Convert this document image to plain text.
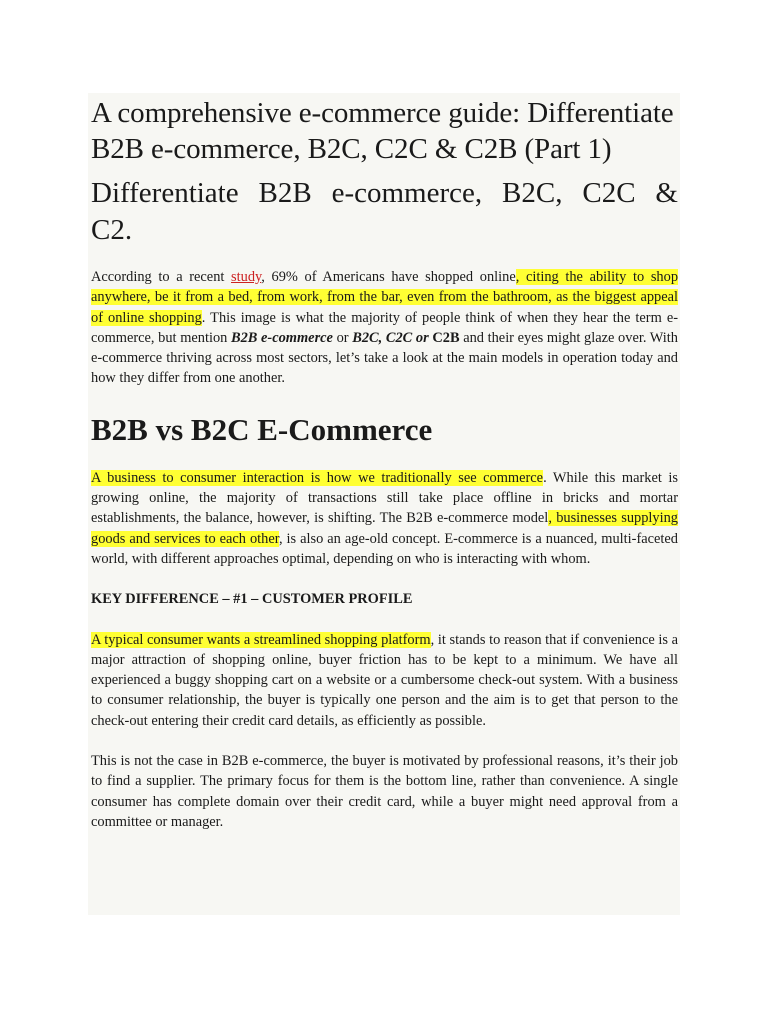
A comprehensive e-commerce guide: Differentiate B2B e-commerce, B2C, C2C & C2B (Part 1)
Differentiate B2B e-commerce, B2C, C2C & C2.

According to a recent study, 69% of Americans have shopped online, citing the ability to shop anywhere, be it from a bed, from work, from the bar, even from the bathroom, as the biggest appeal of online shopping. This image is what the majority of people think of when they hear the term e-commerce, but mention B2B e-commerce or B2C, C2C or C2B and their eyes might glaze over. With e-commerce thriving across most sectors, let’s take a look at the main models in operation today and how they differ from one another.

B2B vs B2C E-Commerce

A business to consumer interaction is how we traditionally see commerce. While this market is growing online, the majority of transactions still take place offline in bricks and mortar establishments, the balance, however, is shifting. The B2B e-commerce model, businesses supplying goods and services to each other, is also an age-old concept. E-commerce is a nuanced, multi-faceted world, with different approaches optimal, depending on who is interacting with whom.

KEY DIFFERENCE – #1 – CUSTOMER PROFILE

A typical consumer wants a streamlined shopping platform, it stands to reason that if convenience is a major attraction of shopping online, buyer friction has to be kept to a minimum. We have all experienced a buggy shopping cart on a website or a cumbersome check-out system. With a business to consumer relationship, the buyer is typically one person and the aim is to get that person to the check-out entering their credit card details, as efficiently as possible.

This is not the case in B2B e-commerce, the buyer is motivated by professional reasons, it’s their job to find a supplier. The primary focus for them is the bottom line, rather than convenience. A single consumer has complete domain over their credit card, while a buyer might need approval from a committee or manager.
